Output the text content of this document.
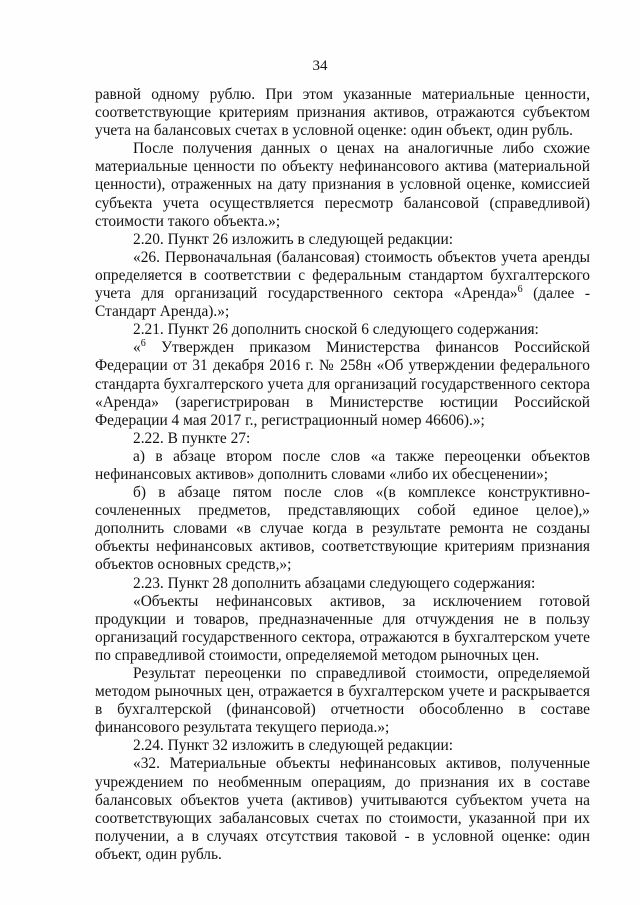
34

равной одному рублю. При этом указанные материальные ценности, соответствующие критериям признания активов, отражаются субъектом учета на балансовых счетах в условной оценке: один объект, один рубль.

После получения данных о ценах на аналогичные либо схожие материальные ценности по объекту нефинансового актива (материальной ценности), отраженных на дату признания в условной оценке, комиссией субъекта учета осуществляется пересмотр балансовой (справедливой) стоимости такого объекта.»;

2.20. Пункт 26 изложить в следующей редакции:

«26. Первоначальная (балансовая) стоимость объектов учета аренды определяется в соответствии с федеральным стандартом бухгалтерского учета для организаций государственного сектора «Аренда»$^6$ (далее - Стандарт Аренда).»;

2.21. Пункт 26 дополнить сноской 6 следующего содержания:

«$^6$ Утвержден приказом Министерства финансов Российской Федерации от 31 декабря 2016 г. № 258н «Об утверждении федерального стандарта бухгалтерского учета для организаций государственного сектора «Аренда» (зарегистрирован в Министерстве юстиции Российской Федерации 4 мая 2017 г., регистрационный номер 46606).»;

2.22. В пункте 27:

а) в абзаце втором после слов «а также переоценки объектов нефинансовых активов» дополнить словами «либо их обесценении»;

б) в абзаце пятом после слов «(в комплексе конструктивно-сочлененных предметов, представляющих собой единое целое),» дополнить словами «в случае когда в результате ремонта не созданы объекты нефинансовых активов, соответствующие критериям признания объектов основных средств,»;

2.23. Пункт 28 дополнить абзацами следующего содержания:

«Объекты нефинансовых активов, за исключением готовой продукции и товаров, предназначенные для отчуждения не в пользу организаций государственного сектора, отражаются в бухгалтерском учете по справедливой стоимости, определяемой методом рыночных цен.

Результат переоценки по справедливой стоимости, определяемой методом рыночных цен, отражается в бухгалтерском учете и раскрывается в бухгалтерской (финансовой) отчетности обособленно в составе финансового результата текущего периода.»;

2.24. Пункт 32 изложить в следующей редакции:

«32. Материальные объекты нефинансовых активов, полученные учреждением по необменным операциям, до признания их в составе балансовых объектов учета (активов) учитываются субъектом учета на соответствующих забалансовых счетах по стоимости, указанной при их получении, а в случаях отсутствия таковой - в условной оценке: один объект, один рубль.
